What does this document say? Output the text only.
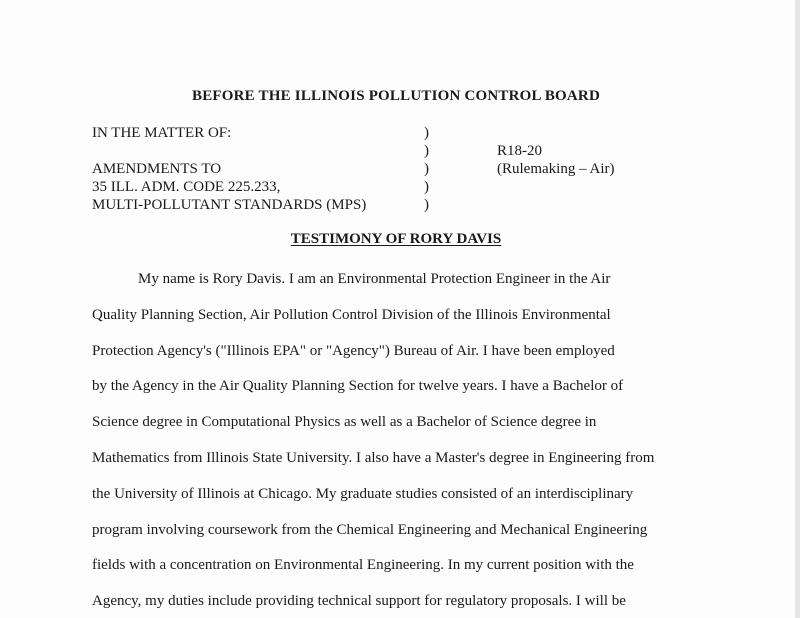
BEFORE THE ILLINOIS POLLUTION CONTROL BOARD
IN THE MATTER OF:
AMENDMENTS TO
35 ILL. ADM. CODE 225.233,
MULTI-POLLUTANT STANDARDS (MPS)
)
)
)
)
)
R18-20
(Rulemaking – Air)
TESTIMONY OF RORY DAVIS
My name is Rory Davis. I am an Environmental Protection Engineer in the Air
Quality Planning Section, Air Pollution Control Division of the Illinois Environmental
Protection Agency's ("Illinois EPA" or "Agency") Bureau of Air. I have been employed
by the Agency in the Air Quality Planning Section for twelve years. I have a Bachelor of
Science degree in Computational Physics as well as a Bachelor of Science degree in
Mathematics from Illinois State University. I also have a Master's degree in Engineering from
the University of Illinois at Chicago. My graduate studies consisted of an interdisciplinary
program involving coursework from the Chemical Engineering and Mechanical Engineering
fields with a concentration on Environmental Engineering. In my current position with the
Agency, my duties include providing technical support for regulatory proposals. I will be
